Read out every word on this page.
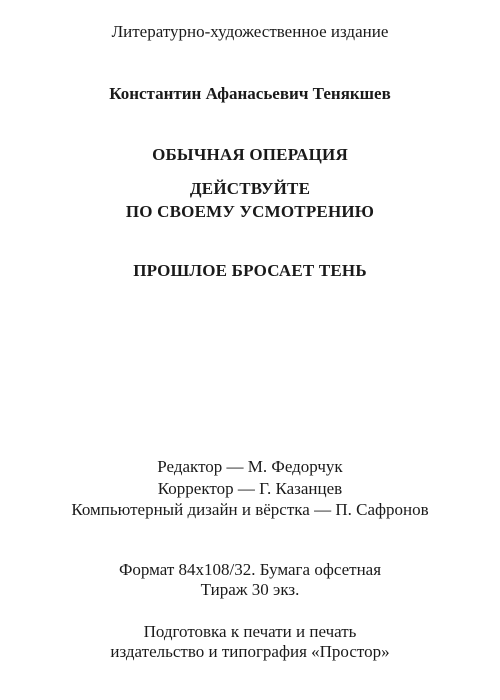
Литературно-художественное издание
Константин Афанасьевич Тенякшев
ОБЫЧНАЯ ОПЕРАЦИЯ
ДЕЙСТВУЙТЕ
ПО СВОЕМУ УСМОТРЕНИЮ
ПРОШЛОЕ БРОСАЕТ ТЕНЬ
Редактор — М. Федорчук
Корректор — Г. Казанцев
Компьютерный дизайн и вёрстка — П. Сафронов
Формат 84x108/32. Бумага офсетная
Тираж 30 экз.
Подготовка к печати и печать
издательство и типография «Простор»
